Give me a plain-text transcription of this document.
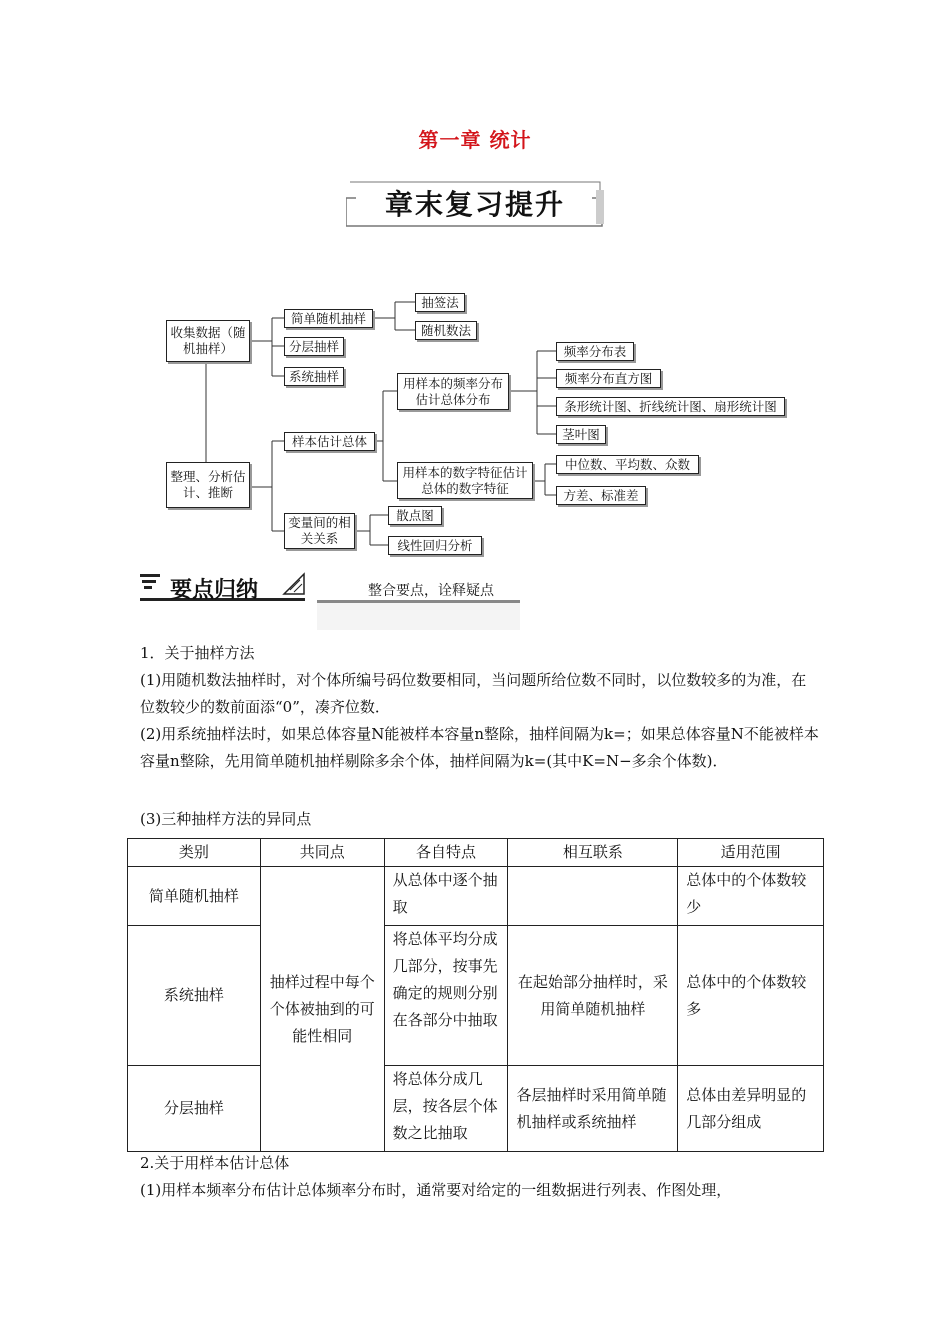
第一章 统计
章末复习提升
收集数据（随机抽样）
整理、分析估计、推断
简单随机抽样
抽签法
随机数法
分层抽样
系统抽样
样本估计总体
用样本的频率分布估计总体分布
用样本的数字特征估计总体的数字特征
频率分布表
频率分布直方图
条形统计图、折线统计图、扇形统计图
茎叶图
中位数、平均数、众数
方差、标准差
变量间的相关关系
散点图
线性回归分析
要点归纳	整合要点，诠释疑点
1．关于抽样方法
(1)用随机数法抽样时，对个体所编号码位数要相同，当问题所给位数不同时，以位数较多的为准，在位数较少的数前面添“0”，凑齐位数．
(2)用系统抽样法时，如果总体容量N能被样本容量n整除，抽样间隔为k=；如果总体容量N不能被样本容量n整除，先用简单随机抽样剔除多余个体，抽样间隔为k=(其中K=N−多余个体数)．
(3)三种抽样方法的异同点
类别	共同点	各自特点	相互联系	适用范围
简单随机抽样	抽样过程中每个个体被抽到的可能性相同	从总体中逐个抽取		总体中的个体数较少
系统抽样		将总体平均分成几部分，按事先确定的规则分别在各部分中抽取	在起始部分抽样时，采用简单随机抽样	总体中的个体数较多
分层抽样		将总体分成几层，按各层个体数之比抽取	各层抽样时采用简单随机抽样或系统抽样	总体由差异明显的几部分组成
2.关于用样本估计总体
(1)用样本频率分布估计总体频率分布时，通常要对给定的一组数据进行列表、作图处理，
